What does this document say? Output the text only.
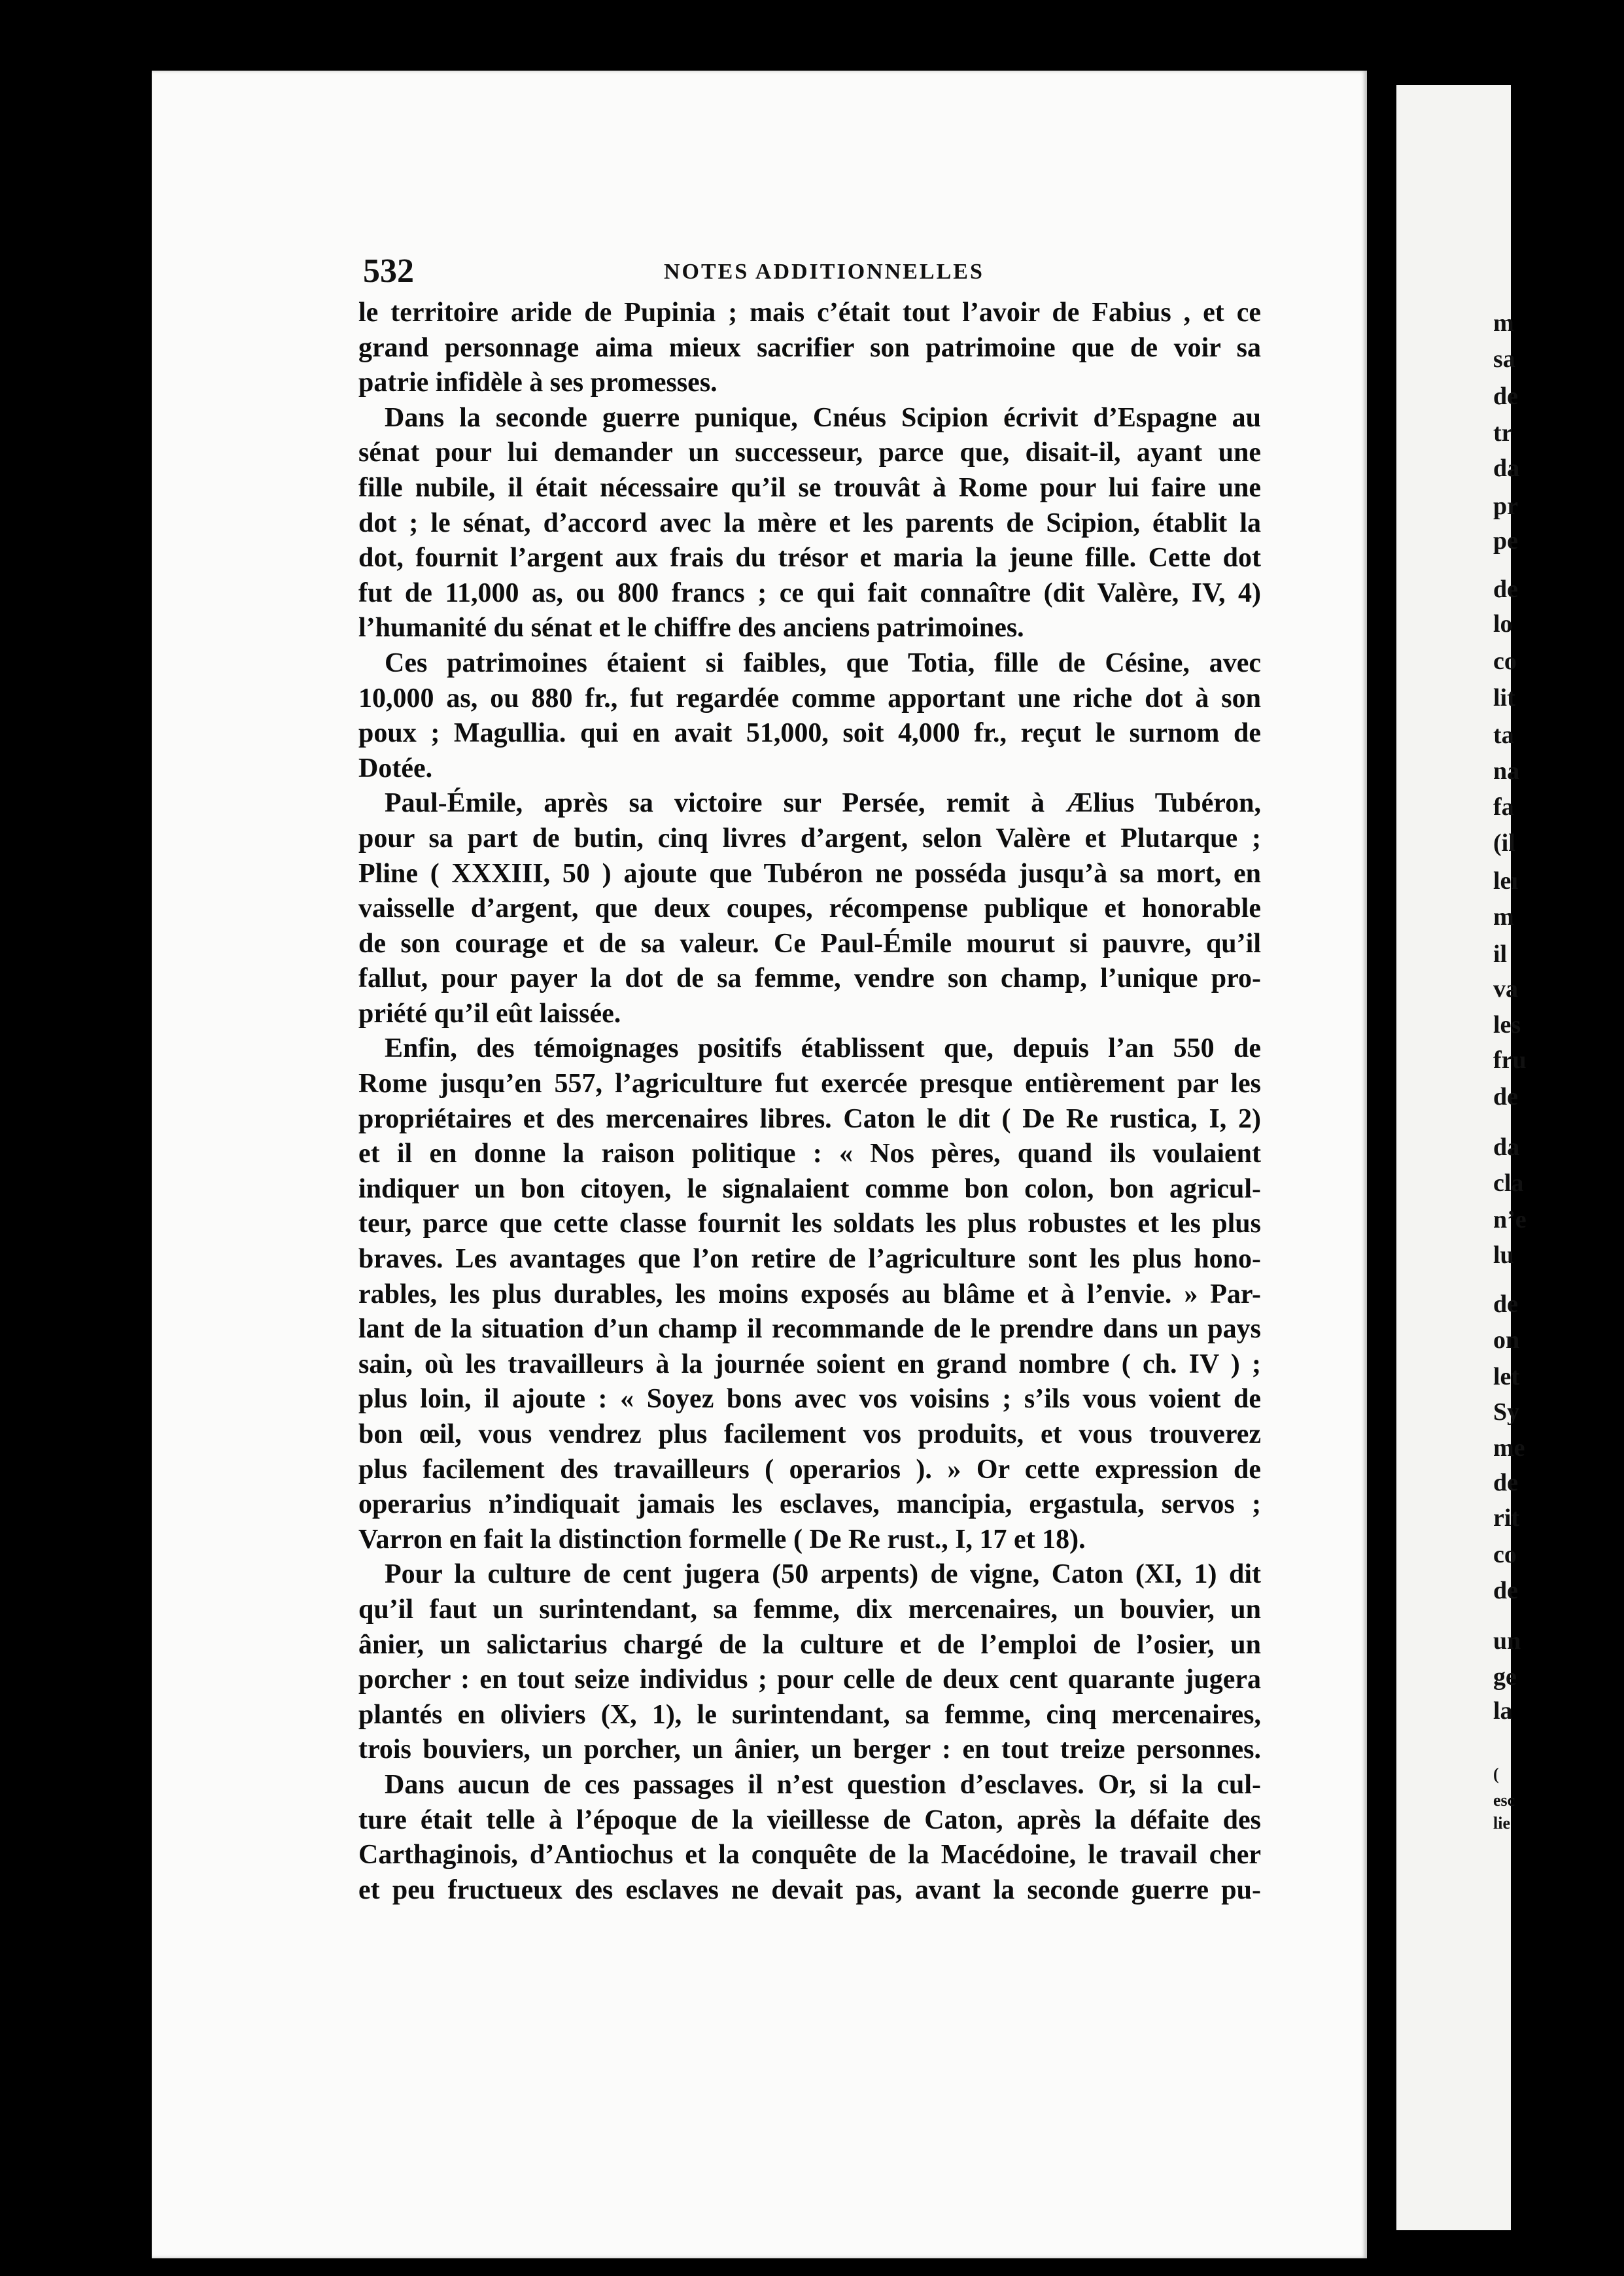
m
sa
de
tr
da
pr
pe
de
lo
co
lit
ta
na
fa
(il
leı
m
il
va
les
fru
de
da
cla
n’e
lu
de
on
let
Sy
me
de
rit
co
de
un
ge
la
(
esc
lie
532	NOTES ADDITIONNELLES
le territoire aride de Pupinia ; mais c’était tout l’avoir de Fabius , et ce
grand personnage aima mieux sacrifier son patrimoine que de voir sa
patrie infidèle à ses promesses.
Dans la seconde guerre punique, Cnéus Scipion écrivit d’Espagne au
sénat pour lui demander un successeur, parce que, disait-il, ayant une
fille nubile, il était nécessaire qu’il se trouvât à Rome pour lui faire une
dot ; le sénat, d’accord avec la mère et les parents de Scipion, établit la
dot, fournit l’argent aux frais du trésor et maria la jeune fille. Cette dot
fut de 11,000 as, ou 800 francs ; ce qui fait connaître (dit Valère, IV, 4)
l’humanité du sénat et le chiffre des anciens patrimoines.
Ces patrimoines étaient si faibles, que Totia, fille de Césine, avec
10,000 as, ou 880 fr., fut regardée comme apportant une riche dot à son
poux ; Magullia. qui en avait 51,000, soit 4,000 fr., reçut le surnom de
Dotée.
Paul-Émile, après sa victoire sur Persée, remit à Ælius Tubéron,
pour sa part de butin, cinq livres d’argent, selon Valère et Plutarque ;
Pline ( XXXIII, 50 ) ajoute que Tubéron ne posséda jusqu’à sa mort, en
vaisselle d’argent, que deux coupes, récompense publique et honorable
de son courage et de sa valeur. Ce Paul-Émile mourut si pauvre, qu’il
fallut, pour payer la dot de sa femme, vendre son champ, l’unique pro-
priété qu’il eût laissée.
Enfin, des témoignages positifs établissent que, depuis l’an 550 de
Rome jusqu’en 557, l’agriculture fut exercée presque entièrement par les
propriétaires et des mercenaires libres. Caton le dit ( De Re rustica, I, 2)
et il en donne la raison politique : « Nos pères, quand ils voulaient
indiquer un bon citoyen, le signalaient comme bon colon, bon agricul-
teur, parce que cette classe fournit les soldats les plus robustes et les plus
braves. Les avantages que l’on retire de l’agriculture sont les plus hono-
rables, les plus durables, les moins exposés au blâme et à l’envie. » Par-
lant de la situation d’un champ il recommande de le prendre dans un pays
sain, où les travailleurs à la journée soient en grand nombre ( ch. IV ) ;
plus loin, il ajoute : « Soyez bons avec vos voisins ; s’ils vous voient de
bon œil, vous vendrez plus facilement vos produits, et vous trouverez
plus facilement des travailleurs ( operarios ). » Or cette expression de
operarius n’indiquait jamais les esclaves, mancipia, ergastula, servos ;
Varron en fait la distinction formelle ( De Re rust., I, 17 et 18).
Pour la culture de cent jugera (50 arpents) de vigne, Caton (XI, 1) dit
qu’il faut un surintendant, sa femme, dix mercenaires, un bouvier, un
ânier, un salictarius chargé de la culture et de l’emploi de l’osier, un
porcher : en tout seize individus ; pour celle de deux cent quarante jugera
plantés en oliviers (X, 1), le surintendant, sa femme, cinq mercenaires,
trois bouviers, un porcher, un ânier, un berger : en tout treize personnes.
Dans aucun de ces passages il n’est question d’esclaves. Or, si la cul-
ture était telle à l’époque de la vieillesse de Caton, après la défaite des
Carthaginois, d’Antiochus et la conquête de la Macédoine, le travail cher
et peu fructueux des esclaves ne devait pas, avant la seconde guerre pu-
